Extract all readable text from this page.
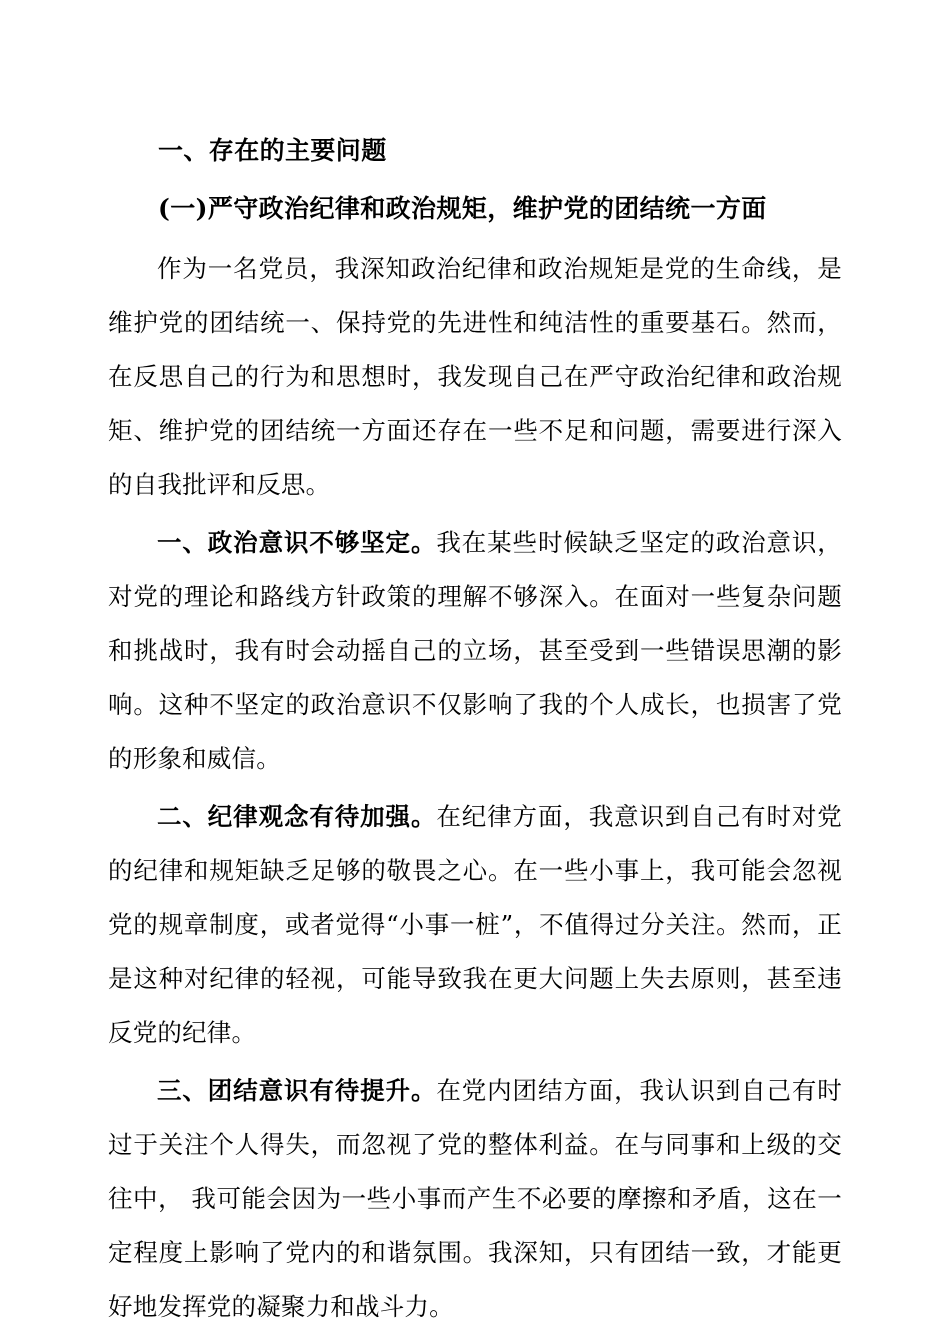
一、存在的主要问题
(一)严守政治纪律和政治规矩，维护党的团结统一方面

作为一名党员，我深知政治纪律和政治规矩是党的生命线，是维护党的团结统一、保持党的先进性和纯洁性的重要基石。然而，在反思自己的行为和思想时，我发现自己在严守政治纪律和政治规矩、维护党的团结统一方面还存在一些不足和问题，需要进行深入的自我批评和反思。

一、政治意识不够坚定。我在某些时候缺乏坚定的政治意识，对党的理论和路线方针政策的理解不够深入。在面对一些复杂问题和挑战时，我有时会动摇自己的立场，甚至受到一些错误思潮的影响。这种不坚定的政治意识不仅影响了我的个人成长，也损害了党的形象和威信。

二、纪律观念有待加强。在纪律方面，我意识到自己有时对党的纪律和规矩缺乏足够的敬畏之心。在一些小事上，我可能会忽视党的规章制度，或者觉得“小事一桩”，不值得过分关注。然而，正是这种对纪律的轻视，可能导致我在更大问题上失去原则，甚至违反党的纪律。

三、团结意识有待提升。在党内团结方面，我认识到自己有时过于关注个人得失，而忽视了党的整体利益。在与同事和上级的交往中， 我可能会因为一些小事而产生不必要的摩擦和矛盾，这在一定程度上影响了党内的和谐氛围。我深知，只有团结一致，才能更好地发挥党的凝聚力和战斗力。
